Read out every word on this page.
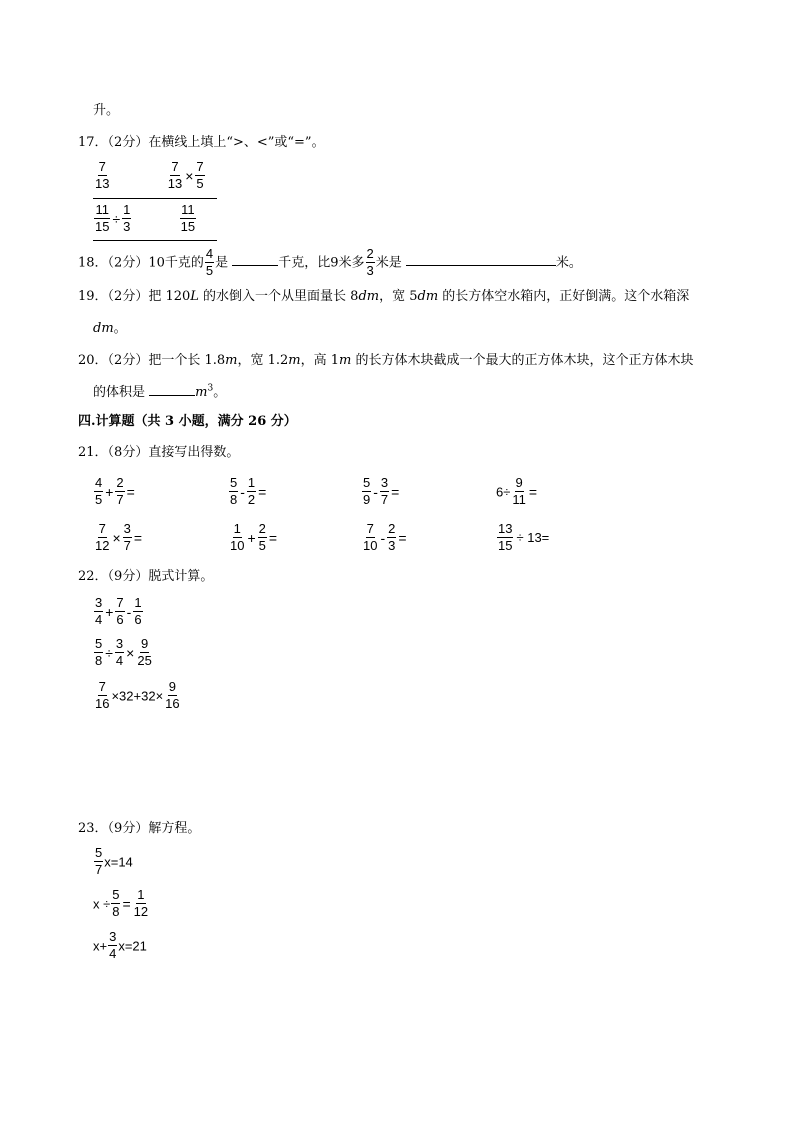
升。
17．（2分）在横线上填上“>、<”或“=”。
$\frac{7}{13}$
	$\frac{7}{13} \times \frac{7}{5}$
$\frac{11}{15} \div \frac{1}{3}$
	$\frac{11}{15}$
18．（2分）10千克的 $\frac{4}{5}$ 是	千克，比9米多 $\frac{2}{3}$ 米是	米。
19．（2分）把 120L 的水倒入一个从里面量长 8dm，宽 5dm 的长方体空水箱内，正好倒满。这个水箱深
dm。
20．（2分）把一个长 1.8m，宽 1.2m，高 1m 的长方体木块截成一个最大的正方体木块，这个正方体木块
的体积是	$m^3$。
四.计算题（共 3 小题，满分 26 分）
21．（8分）直接写出得数。
$\frac{4}{5} + \frac{2}{7}$ =	$\frac{5}{8} - \frac{1}{2}$ =	$\frac{5}{9} - \frac{3}{7}$ =	$6\div \frac{9}{11}$ =
$\frac{7}{12} \times \frac{3}{7}$ =	$\frac{1}{10} + \frac{2}{5}$ =	$\frac{7}{10} - \frac{2}{3}$ =	$\frac{13}{15} \div 13=$
22．（9分）脱式计算。
$\frac{3}{4} + \frac{7}{6} - \frac{1}{6}$
$\frac{5}{8} \div \frac{3}{4} \times \frac{9}{25}$
$\frac{7}{16} \times 32+32\times \frac{9}{16}$
23．（9分）解方程。
$\frac{5}{7} x=14$
$x \div \frac{5}{8} = \frac{1}{12}$
$x+ \frac{3}{4} x=21$
